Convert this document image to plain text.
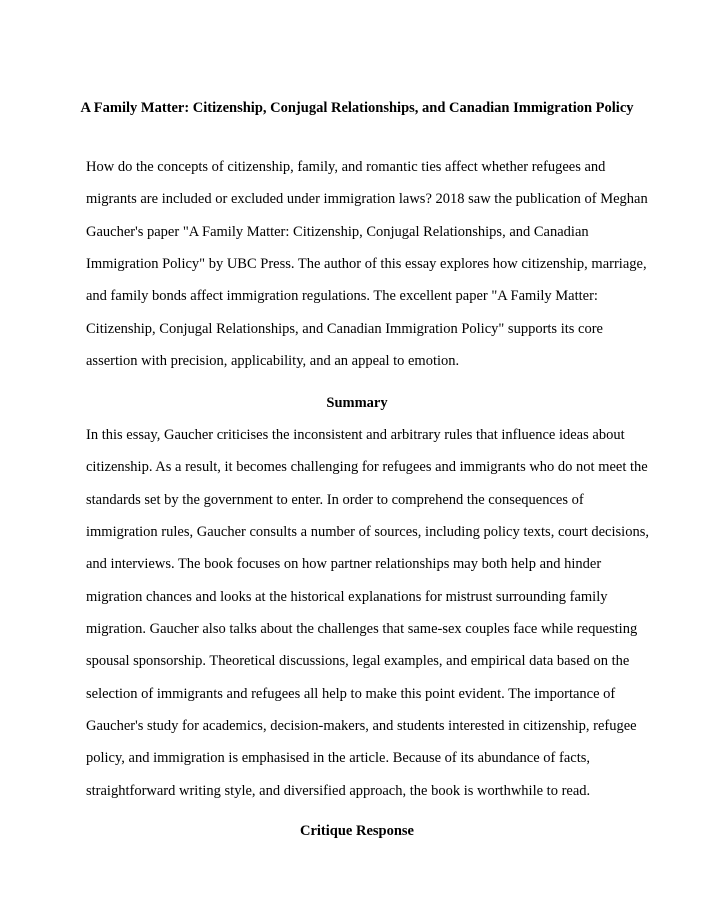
A Family Matter: Citizenship, Conjugal Relationships, and Canadian Immigration Policy
How do the concepts of citizenship, family, and romantic ties affect whether refugees and
migrants are included or excluded under immigration laws? 2018 saw the publication of Meghan
Gaucher's paper "A Family Matter: Citizenship, Conjugal Relationships, and Canadian
Immigration Policy" by UBC Press. The author of this essay explores how citizenship, marriage,
and family bonds affect immigration regulations. The excellent paper "A Family Matter:
Citizenship, Conjugal Relationships, and Canadian Immigration Policy" supports its core
assertion with precision, applicability, and an appeal to emotion.
Summary
In this essay, Gaucher criticises the inconsistent and arbitrary rules that influence ideas about
citizenship. As a result, it becomes challenging for refugees and immigrants who do not meet the
standards set by the government to enter. In order to comprehend the consequences of
immigration rules, Gaucher consults a number of sources, including policy texts, court decisions,
and interviews. The book focuses on how partner relationships may both help and hinder
migration chances and looks at the historical explanations for mistrust surrounding family
migration. Gaucher also talks about the challenges that same-sex couples face while requesting
spousal sponsorship. Theoretical discussions, legal examples, and empirical data based on the
selection of immigrants and refugees all help to make this point evident. The importance of
Gaucher's study for academics, decision-makers, and students interested in citizenship, refugee
policy, and immigration is emphasised in the article. Because of its abundance of facts,
straightforward writing style, and diversified approach, the book is worthwhile to read.
Critique Response
